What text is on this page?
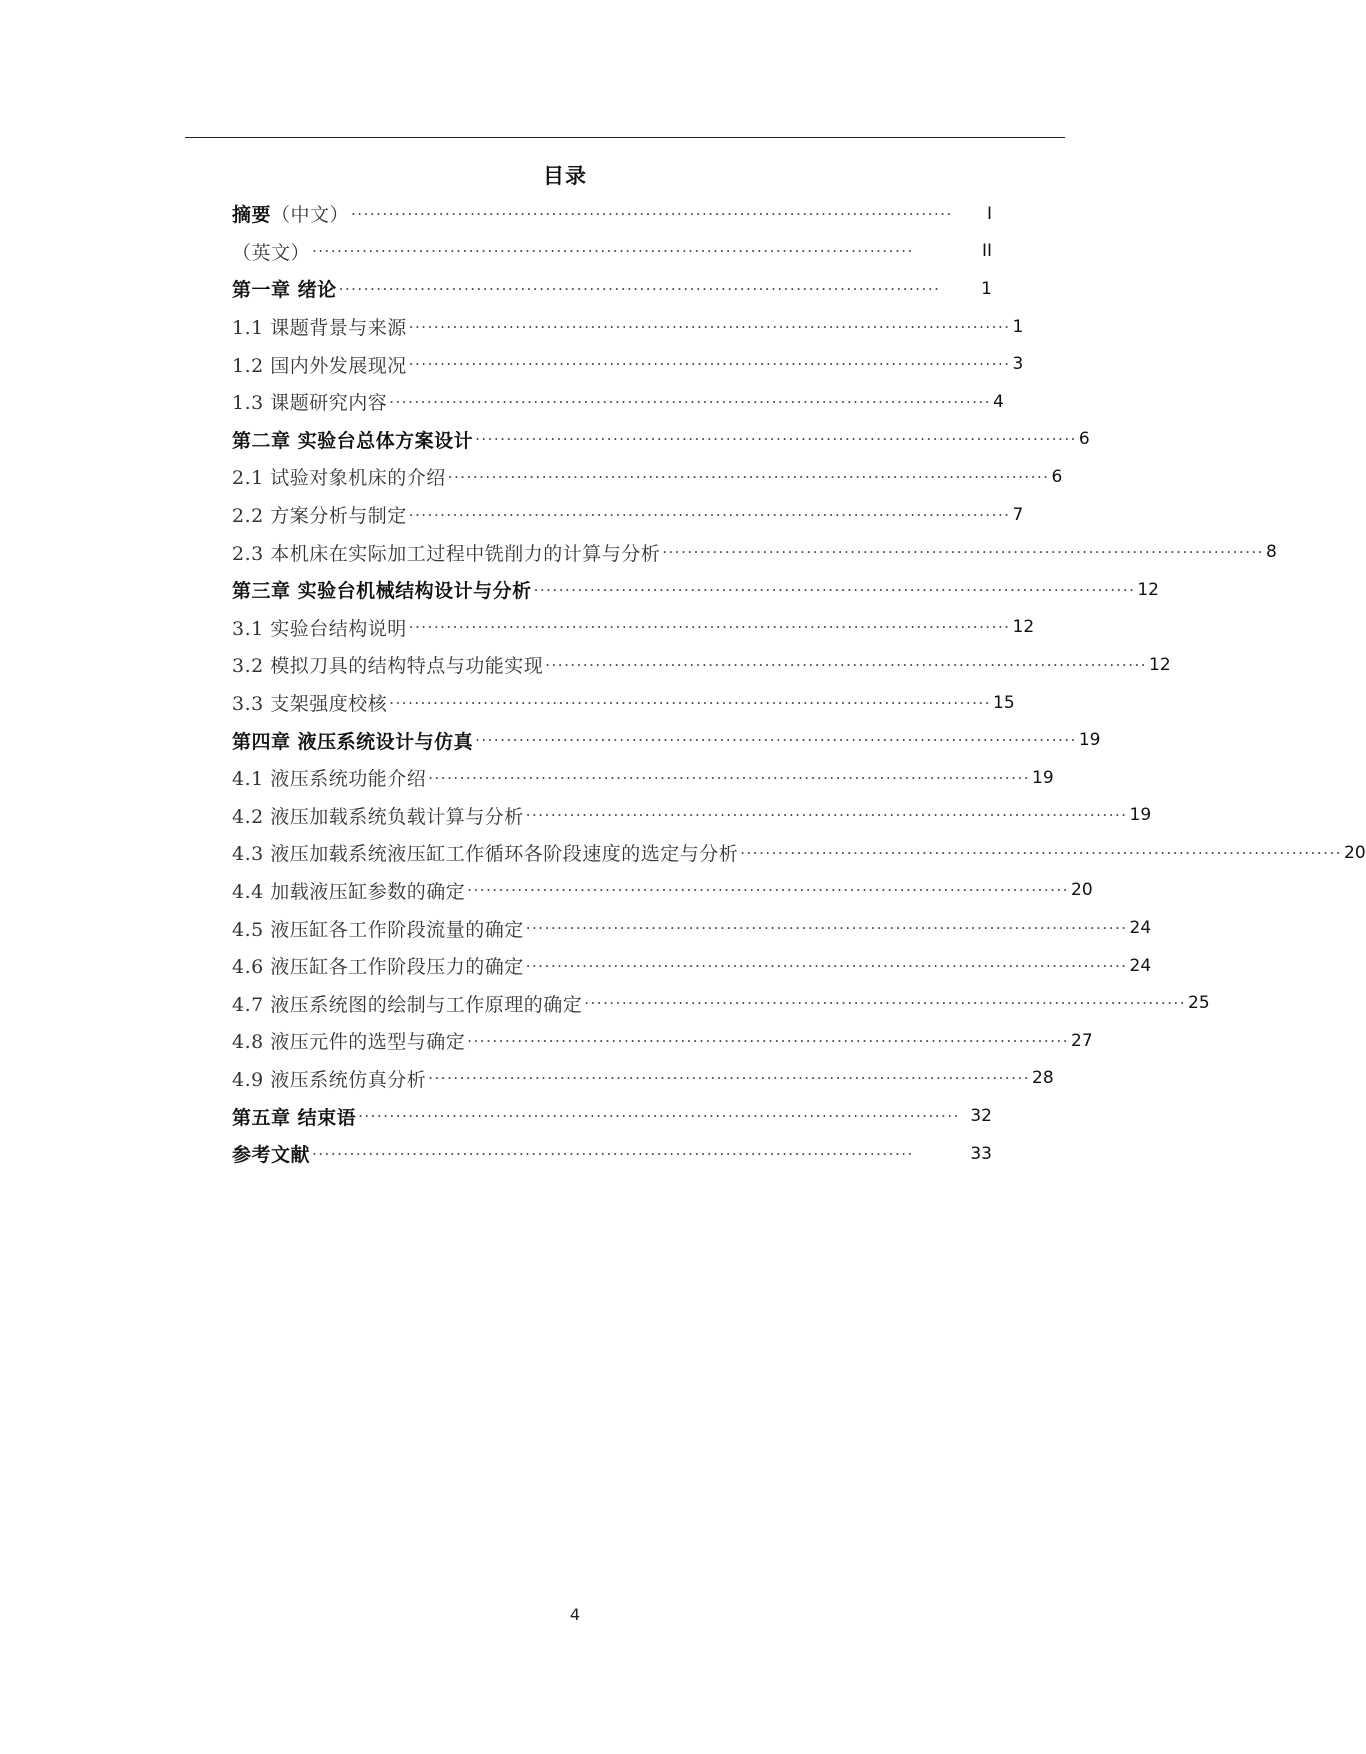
目录
摘要（中文） ································································································	I
（英文） ································································································	II
第一章 绪论 ································································································	1
1.1 课题背景与来源 ································································································ 1
1.2 国内外发展现况 ································································································ 3
1.3 课题研究内容 ································································································ 4
第二章 实验台总体方案设计 ································································································ 6
2.1 试验对象机床的介绍 ································································································ 6
2.2 方案分析与制定 ································································································ 7
2.3 本机床在实际加工过程中铣削力的计算与分析 ································································································ 8
第三章 实验台机械结构设计与分析 ································································································ 12
3.1 实验台结构说明 ································································································ 12
3.2 模拟刀具的结构特点与功能实现 ································································································ 12
3.3 支架强度校核 ································································································ 15
第四章 液压系统设计与仿真 ································································································ 19
4.1 液压系统功能介绍 ································································································ 19
4.2 液压加载系统负载计算与分析 ································································································ 19
4.3 液压加载系统液压缸工作循环各阶段速度的选定与分析 ································································································ 20
4.4 加载液压缸参数的确定 ································································································ 20
4.5 液压缸各工作阶段流量的确定 ································································································ 24
4.6 液压缸各工作阶段压力的确定 ································································································ 24
4.7 液压系统图的绘制与工作原理的确定 ································································································ 25
4.8 液压元件的选型与确定 ································································································ 27
4.9 液压系统仿真分析 ································································································ 28
第五章 结束语 ································································································ 32
参考文献 ································································································	33
4
